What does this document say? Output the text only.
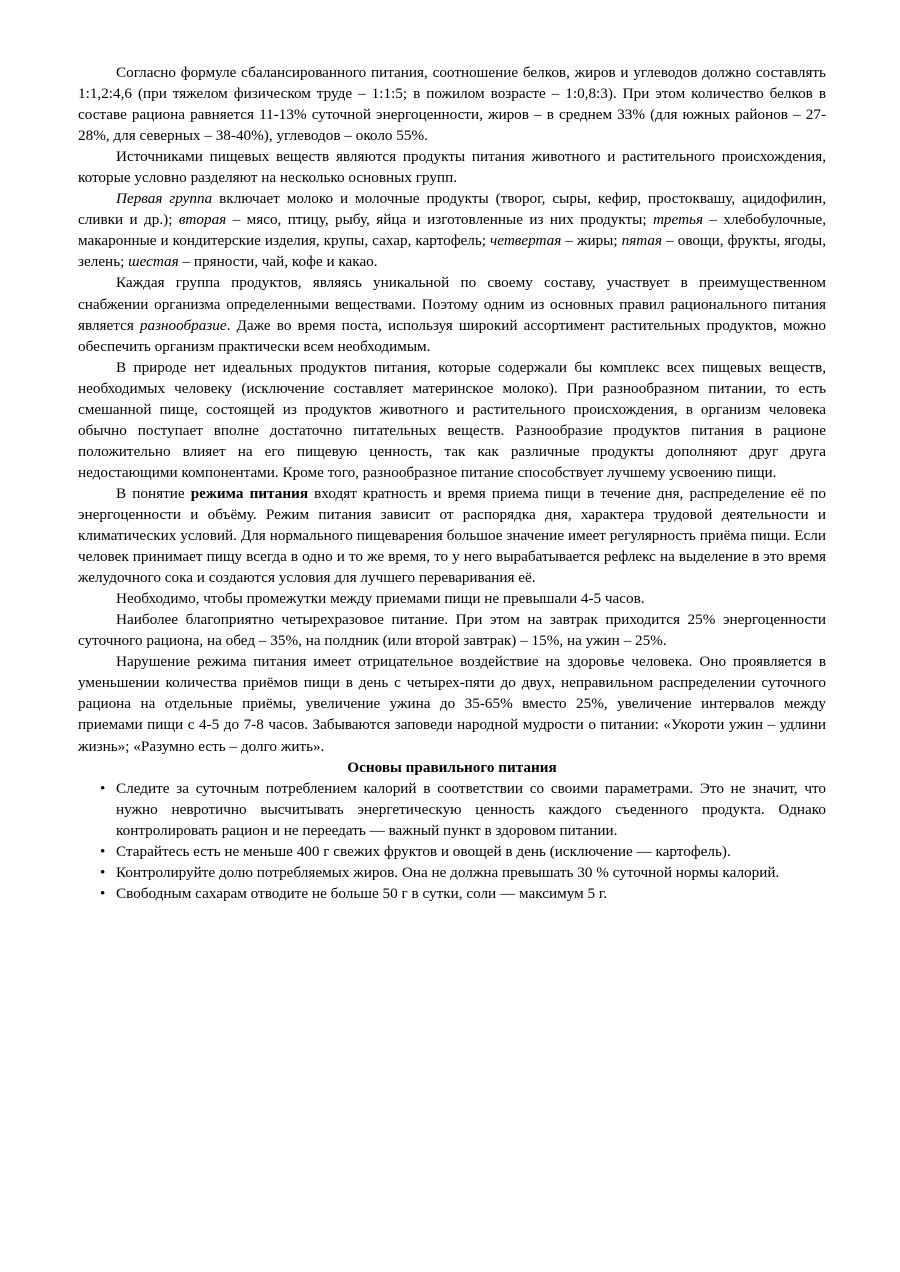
Согласно формуле сбалансированного питания, соотношение белков, жиров и углеводов должно составлять 1:1,2:4,6 (при тяжелом физическом труде – 1:1:5; в пожилом возрасте – 1:0,8:3). При этом количество белков в составе рациона равняется 11-13% суточной энергоценности, жиров – в среднем 33% (для южных районов – 27- 28%, для северных – 38-40%), углеводов – около 55%.

Источниками пищевых веществ являются продукты питания животного и растительного происхождения, которые условно разделяют на несколько основных групп.

Первая группа включает молоко и молочные продукты (творог, сыры, кефир, простоквашу, ацидофилин, сливки и др.); вторая – мясо, птицу, рыбу, яйца и изготовленные из них продукты; третья – хлебобулочные, макаронные и кондитерские изделия, крупы, сахар, картофель; четвертая – жиры; пятая – овощи, фрукты, ягоды, зелень; шестая – пряности, чай, кофе и какао.

Каждая группа продуктов, являясь уникальной по своему составу, участвует в преимущественном снабжении организма определенными веществами. Поэтому одним из основных правил рационального питания является разнообразие. Даже во время поста, используя широкий ассортимент растительных продуктов, можно обеспечить организм практически всем необходимым.

В природе нет идеальных продуктов питания, которые содержали бы комплекс всех пищевых веществ, необходимых человеку (исключение составляет материнское молоко). При разнообразном питании, то есть смешанной пище, состоящей из продуктов животного и растительного происхождения, в организм человека обычно поступает вполне достаточно питательных веществ. Разнообразие продуктов питания в рационе положительно влияет на его пищевую ценность, так как различные продукты дополняют друг друга недостающими компонентами. Кроме того, разнообразное питание способствует лучшему усвоению пищи.

В понятие режима питания входят кратность и время приема пищи в течение дня, распределение её по энергоценности и объёму. Режим питания зависит от распорядка дня, характера трудовой деятельности и климатических условий. Для нормального пищеварения большое значение имеет регулярность приёма пищи. Если человек принимает пищу всегда в одно и то же время, то у него вырабатывается рефлекс на выделение в это время желудочного сока и создаются условия для лучшего переваривания её.

Необходимо, чтобы промежутки между приемами пищи не превышали 4-5 часов.

Наиболее благоприятно четырехразовое питание. При этом на завтрак приходится 25% энергоценности суточного рациона, на обед – 35%, на полдник (или второй завтрак) – 15%, на ужин – 25%.

Нарушение режима питания имеет отрицательное воздействие на здоровье человека. Оно проявляется в уменьшении количества приёмов пищи в день с четырех-пяти до двух, неправильном распределении суточного рациона на отдельные приёмы, увеличение ужина до 35-65% вместо 25%, увеличение интервалов между приемами пищи с 4-5 до 7-8 часов. Забываются заповеди народной мудрости о питании: «Укороти ужин – удлини жизнь»; «Разумно есть – долго жить».

Основы правильного питания
• Следите за суточным потреблением калорий в соответствии со своими параметрами. Это не значит, что нужно невротично высчитывать энергетическую ценность каждого съеденного продукта. Однако контролировать рацион и не переедать — важный пункт в здоровом питании.
• Старайтесь есть не меньше 400 г свежих фруктов и овощей в день (исключение — картофель).
• Контролируйте долю потребляемых жиров. Она не должна превышать 30 % суточной нормы калорий.
• Свободным сахарам отводите не больше 50 г в сутки, соли — максимум 5 г.
